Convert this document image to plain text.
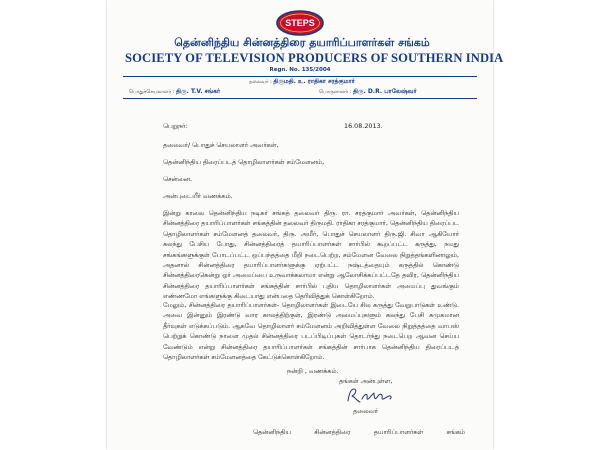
STEPS
தென்னிந்திய சின்னத்திரை தயாரிப்பாளர்கள் சங்கம்
SOCIETY OF TELEVISION PRODUCERS OF SOUTHERN INDIA
Regn. No. 135/2004
தலைவர் : திருமதி. உ. ராதிகா சரத்குமார்
பொதுச்செயலாளர் : திரு. T.V. சங்கர்	பொருளாளர் : திரு. D.R. பாலேஷ்வர்
பெறுநர்:	16.08.2013.
தலைவர்/ பொதுச் செயலாளர் அவர்கள்,
தென்னிந்திய திரைப்படத் தொழிலாளர்கள் சம்மேளனம்,
சென்னை.
அன்புடையீர் வணக்கம்.
இன்று காலை தென்னிந்திய நடிகர் சங்கத் தலைவர் திரு. ரா. சரத்குமார் அவர்கள், தென்னிந்திய சின்னத்திரை தயாரிப்பாளர்கள் சங்கத்தின் தலைவர் திருமதி. ராதிகா சரத்குமார், தென்னிந்திய திரைப்பட தொழிலாளர்கள் சம்மேளனத் தலைவர், திரு. அமீர், பொதுச் செயலாளர் திரு.ஜி. சிவா ஆகியோர் கலந்து பேசிய போது, சின்னத்திரைத் தயாரிப்பாளர்கள் சார்பில் கூறப்பட்ட கருத்து, நமது சங்கங்களுக்குள் போடப்பட்ட ஒப்பந்தத்தை மீறி நடைபெற்ற, சம்மேளன வேலை நிறுத்தங்களினாலும், அதனால் சின்னத்திரை தயாரிப்பாளர்களுக்கு ஏற்பட்ட நஷ்டத்தையும் கருத்தில் கொண்டு சின்னத்திரைகென்று ஓர் அமைப்பை உருவாக்கலாமா என்று ஆலோசிக்கப்பட்டதே தவிர, தென்னிந்திய சின்னத்திரை தயாரிப்பாளர்கள் சங்கத்தின் சார்பில் புதிய தொழிலாளர்கள் அமைப்பு துவங்கும் எண்ணமோ எங்களுக்கு கிடையாது என்பதை தெரிவித்துக் கொள்கிறோம்.
மேலும், சின்னத்திரை தயாரிப்பாளர்கள்- தொழிலாளர்கள் இடையே சில கருத்து வேறுபாடுகள் உண்டு. அவை இன்னும் இரண்டு வார காலத்திற்குள், இரண்டு அமைப்புகளும் கலந்து பேசி சுமுகமான தீர்வுகள் எடுக்கப்படும். ஆகவே தொழிலாளர் சம்மேளனம் அறிவித்துள்ள வேலை நிறுத்தத்தை வாபஸ் பெற்றுக் கொண்டு நாளை முதல் சின்னத்திரை படப்பிடிப்புகள் தொடர்ந்து நடைபெற ஆவன செய்ய வேண்டும் என்று சின்னத்திரை தயாரிப்பாளர்கள் சங்கத்தின் சார்பாக தென்னிந்திய திரைப்படத் தொழிலாளர்கள் சம்மேளனத்தை கேட்டுக்கொள்கிறோம்.
நன்றி , வணக்கம்.
தங்கள் அன்புள்ள,
தலைவர்
தென்னிந்திய சின்னத்திரை தயாரிப்பாளர்கள் சங்கம்
